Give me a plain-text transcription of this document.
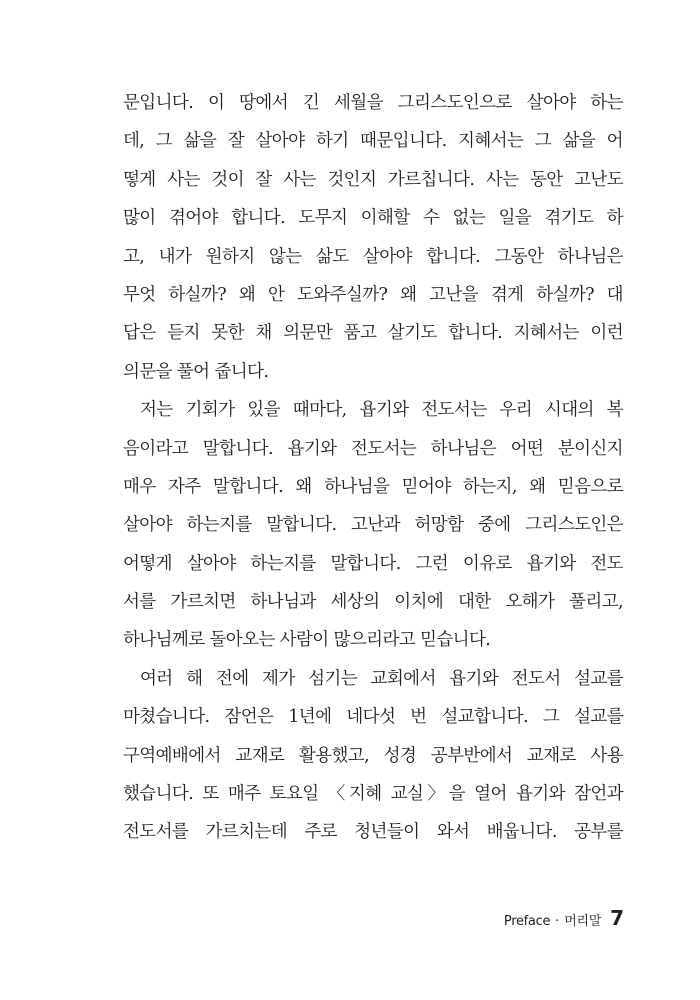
문입니다. 이 땅에서 긴 세월을 그리스도인으로 살아야 하는
데, 그 삶을 잘 살아야 하기 때문입니다. 지혜서는 그 삶을 어
떻게 사는 것이 잘 사는 것인지 가르칩니다. 사는 동안 고난도
많이 겪어야 합니다. 도무지 이해할 수 없는 일을 겪기도 하
고, 내가 원하지 않는 삶도 살아야 합니다. 그동안 하나님은
무엇 하실까? 왜 안 도와주실까? 왜 고난을 겪게 하실까? 대
답은 듣지 못한 채 의문만 품고 살기도 합니다. 지혜서는 이런
의문을 풀어 줍니다.

저는 기회가 있을 때마다, 욥기와 전도서는 우리 시대의 복
음이라고 말합니다. 욥기와 전도서는 하나님은 어떤 분이신지
매우 자주 말합니다. 왜 하나님을 믿어야 하는지, 왜 믿음으로
살아야 하는지를 말합니다. 고난과 허망함 중에 그리스도인은
어떻게 살아야 하는지를 말합니다. 그런 이유로 욥기와 전도
서를 가르치면 하나님과 세상의 이치에 대한 오해가 풀리고,
하나님께로 돌아오는 사람이 많으리라고 믿습니다.

여러 해 전에 제가 섬기는 교회에서 욥기와 전도서 설교를
마쳤습니다. 잠언은 1년에 네다섯 번 설교합니다. 그 설교를
구역예배에서 교재로 활용했고, 성경 공부반에서 교재로 사용
했습니다. 또 매주 토요일 〈지혜 교실〉을 열어 욥기와 잠언과
전도서를 가르치는데 주로 청년들이 와서 배웁니다. 공부를

Preface · 머리말 7
